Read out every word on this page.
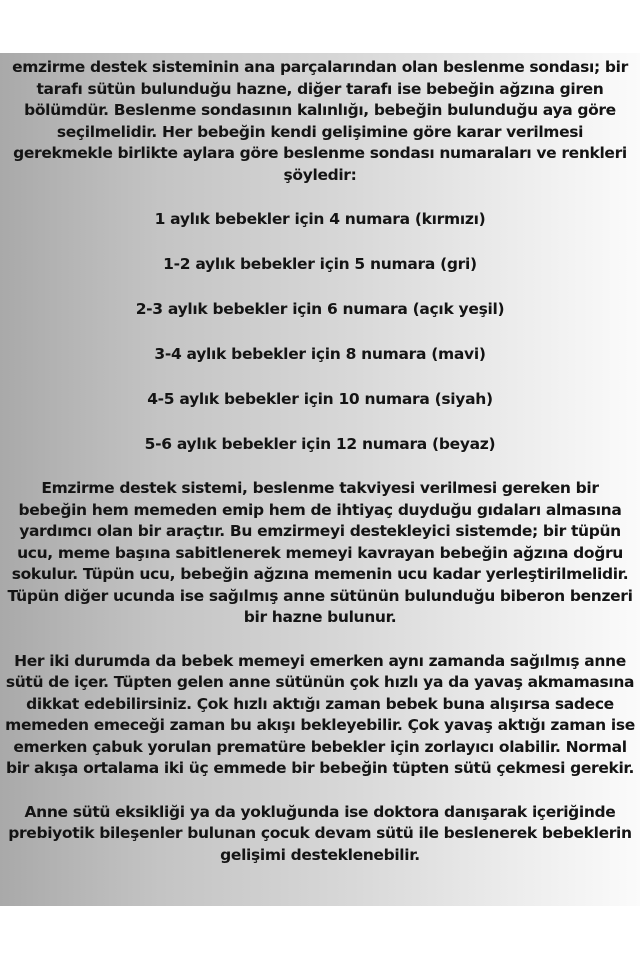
emzirme destek sisteminin ana parçalarından olan beslenme sondası; bir tarafı sütün bulunduğu hazne, diğer tarafı ise bebeğin ağzına giren bölümdür. Beslenme sondasının kalınlığı, bebeğin bulunduğu aya göre seçilmelidir. Her bebeğin kendi gelişimine göre karar verilmesi gerekmekle birlikte aylara göre beslenme sondası numaraları ve renkleri şöyledir:

1 aylık bebekler için 4 numara (kırmızı)
1-2 aylık bebekler için 5 numara (gri)
2-3 aylık bebekler için 6 numara (açık yeşil)
3-4 aylık bebekler için 8 numara (mavi)
4-5 aylık bebekler için 10 numara (siyah)
5-6 aylık bebekler için 12 numara (beyaz)

Emzirme destek sistemi, beslenme takviyesi verilmesi gereken bir bebeğin hem memeden emip hem de ihtiyaç duyduğu gıdaları almasına yardımcı olan bir araçtır. Bu emzirmeyi destekleyici sistemde; bir tüpün ucu, meme başına sabitlenerek memeyi kavrayan bebeğin ağzına doğru sokulur. Tüpün ucu, bebeğin ağzına memenin ucu kadar yerleştirilmelidir. Tüpün diğer ucunda ise sağılmış anne sütünün bulunduğu biberon benzeri bir hazne bulunur.

Her iki durumda da bebek memeyi emerken aynı zamanda sağılmış anne sütü de içer. Tüpten gelen anne sütünün çok hızlı ya da yavaş akmamasına dikkat edebilirsiniz. Çok hızlı aktığı zaman bebek buna alışırsa sadece memeden emeceği zaman bu akışı bekleyebilir. Çok yavaş aktığı zaman ise emerken çabuk yorulan prematüre bebekler için zorlayıcı olabilir. Normal bir akışa ortalama iki üç emmede bir bebeğin tüpten sütü çekmesi gerekir.

Anne sütü eksikliği ya da yokluğunda ise doktora danışarak içeriğinde prebiyotik bileşenler bulunan çocuk devam sütü ile beslenerek bebeklerin gelişimi desteklenebilir.
